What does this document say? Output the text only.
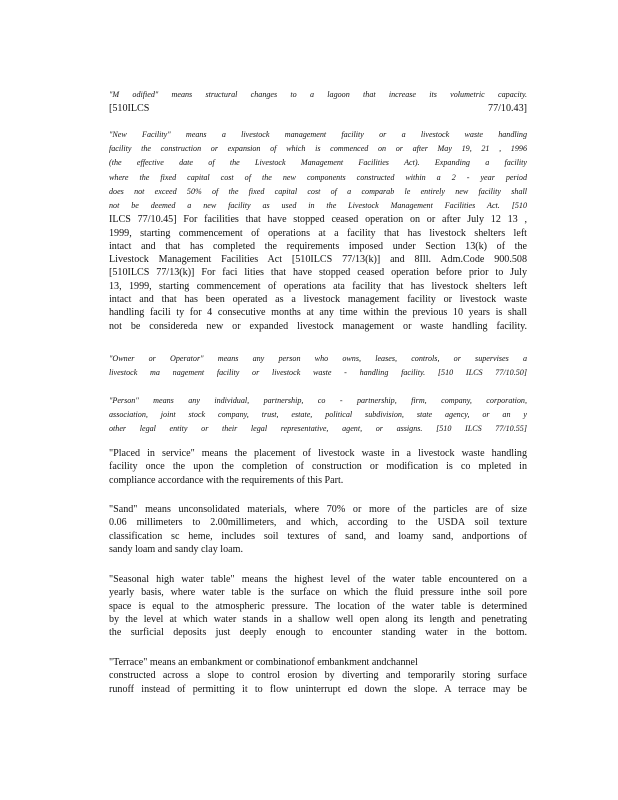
"M odified" means structural changes to a lagoon that increase its volumetric capacity.
[510ILCS 77/10.43]
"New Facility" means a livestock management facility or a livestock waste handling
facility the construction or expansion of which is commenced on or after May 19, 21 , 1996
(the effective date of the Livestock Management Facilities Act). Expanding a facility
where the fixed capital cost of the new components constructed within a 2 - year period
does not exceed 50% of the fixed capital cost of a comparab le entirely new facility shall
not be deemed a new facility as used in the Livestock Management Facilities Act. [510
ILCS 77/10.45] For facilities that have stopped ceased operation on or after July 12 13 ,
1999, starting commencement of operations at a facility that has livestock shelters left
intact and that has completed the requirements imposed under Section 13(k) of the
Livestock Management Facilities Act [510ILCS 77/13(k)] and 8Ill. Adm.Code 900.508
[510ILCS 77/13(k)] For faci lities that have stopped ceased operation before prior to July
13, 1999, starting commencement of operations ata facility that has livestock shelters left
intact and that has been operated as a livestock management facility or livestock waste
handling facili ty for 4 consecutive months at any time within the previous 10 years is shall
not be considereda new or expanded livestock management or waste handling facility.
"Owner or Operator" means any person who owns, leases, controls, or supervises a
livestock ma nagement facility or livestock waste - handling facility. [510 ILCS 77/10.50]
"Person" means any individual, partnership, co - partnership, firm, company, corporation,
association, joint stock company, trust, estate, political subdivision, state agency, or an y
other legal entity or their legal representative, agent, or assigns. [510 ILCS 77/10.55]
"Placed in service" means the placement of livestock waste in a livestock waste handling
facility once the upon the completion of construction or modification is co mpleted in
compliance accordance with the requirements of this Part.
"Sand" means unconsolidated materials, where 70% or more of the particles are of size
0.06 millimeters to 2.00millimeters, and which, according to the USDA soil texture
classification sc heme, includes soil textures of sand, and loamy sand, andportions of
sandy loam and sandy clay loam.
"Seasonal high water table" means the highest level of the water table encountered on a
yearly basis, where water table is the surface on which the fluid pressure inthe soil pore
space is equal to the atmospheric pressure. The location of the water table is determined
by the level at which water stands in a shallow well open along its length and penetrating
the surficial deposits just deeply enough to encounter standing water in the bottom.
"Terrace" means an embankment or combinationof embankment andchannel
constructed across a slope to control erosion by diverting and temporarily storing surface
runoff instead of permitting it to flow uninterrupt ed down the slope. A terrace may be
